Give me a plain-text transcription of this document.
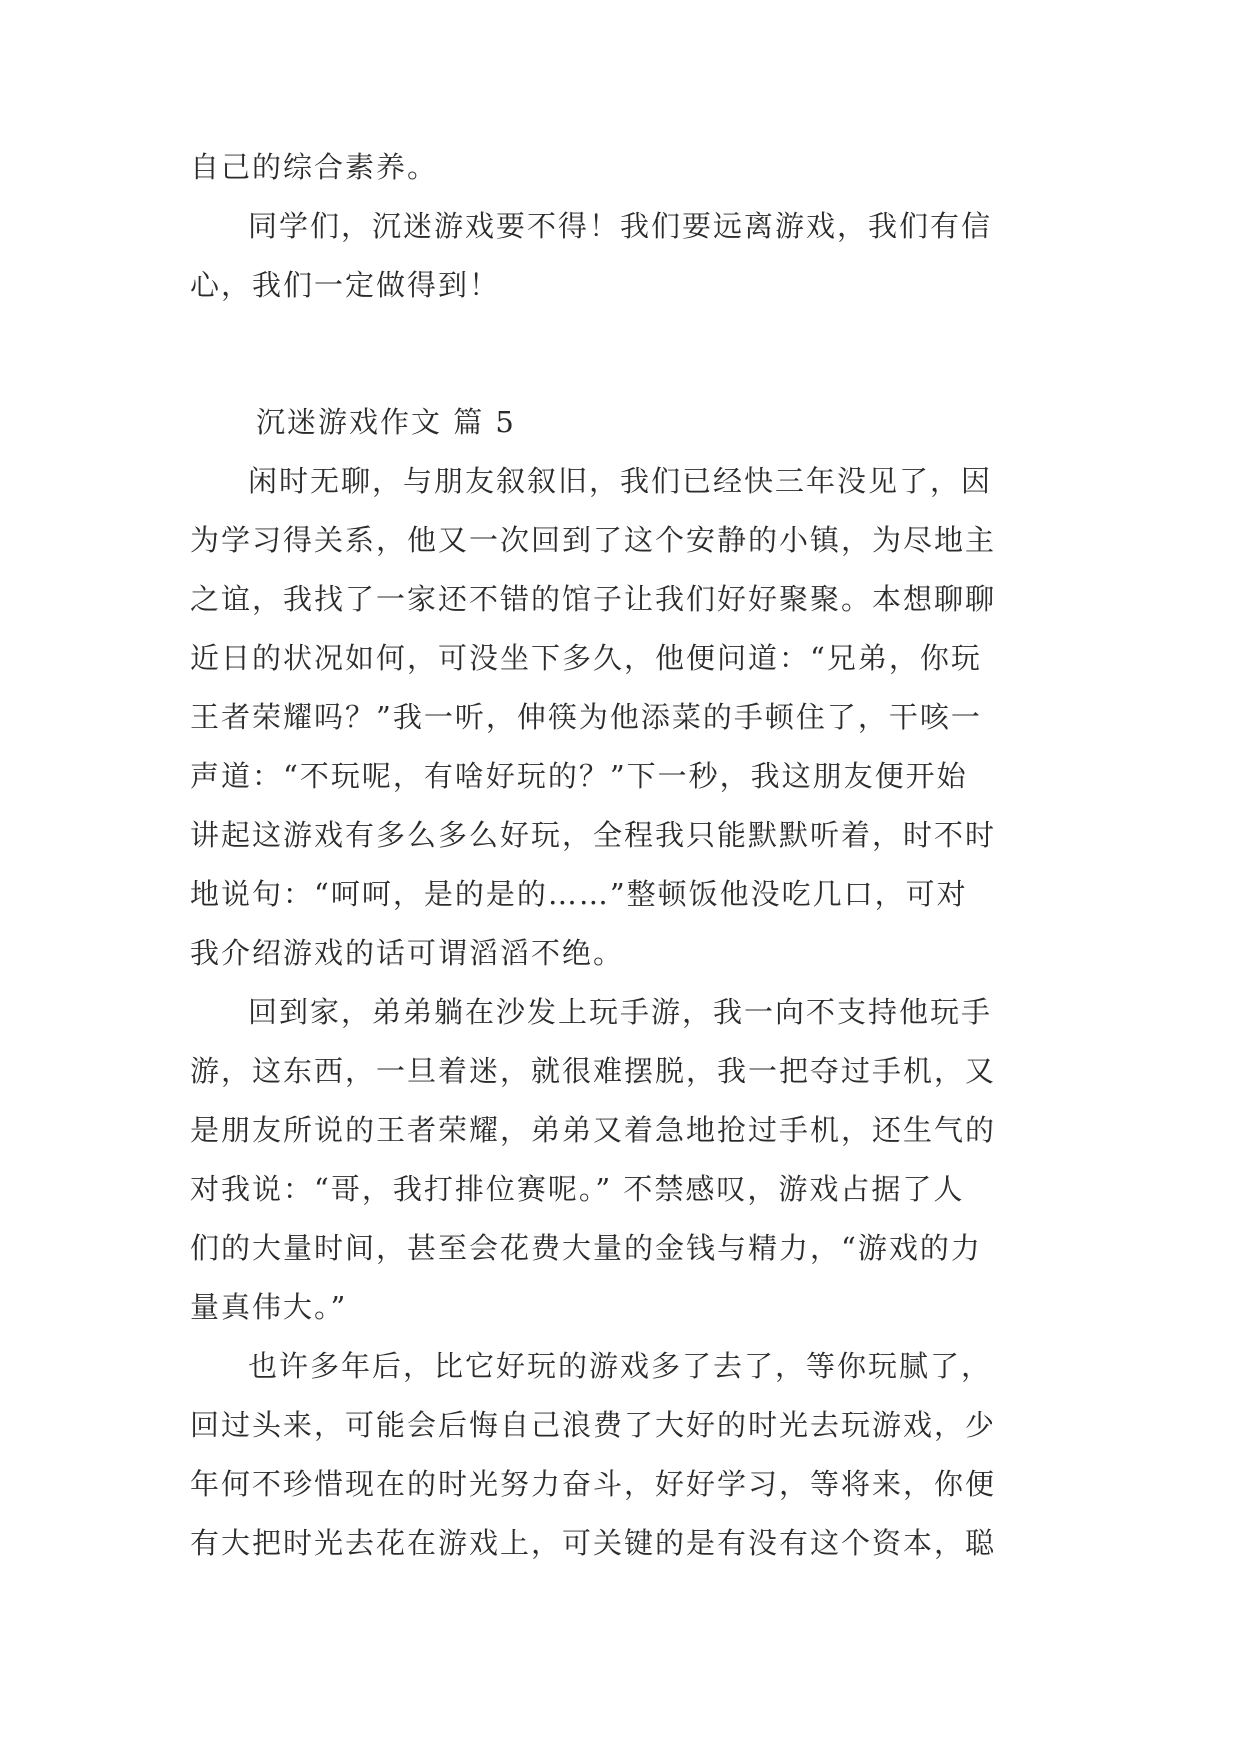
自己的综合素养。

同学们，沉迷游戏要不得！我们要远离游戏，我们有信
心，我们一定做得到！

沉迷游戏作文 篇 5

闲时无聊，与朋友叙叙旧，我们已经快三年没见了，因
为学习得关系，他又一次回到了这个安静的小镇，为尽地主
之谊，我找了一家还不错的馆子让我们好好聚聚。本想聊聊
近日的状况如何，可没坐下多久，他便问道：“兄弟，你玩
王者荣耀吗？”我一听，伸筷为他添菜的手顿住了，干咳一
声道：“不玩呢，有啥好玩的？”下一秒，我这朋友便开始
讲起这游戏有多么多么好玩，全程我只能默默听着，时不时
地说句：“呵呵，是的是的……”整顿饭他没吃几口，可对
我介绍游戏的话可谓滔滔不绝。

回到家，弟弟躺在沙发上玩手游，我一向不支持他玩手
游，这东西，一旦着迷，就很难摆脱，我一把夺过手机，又
是朋友所说的王者荣耀，弟弟又着急地抢过手机，还生气的
对我说：“哥，我打排位赛呢。” 不禁感叹，游戏占据了人
们的大量时间，甚至会花费大量的金钱与精力，“游戏的力
量真伟大。”

也许多年后，比它好玩的游戏多了去了，等你玩腻了，
回过头来，可能会后悔自己浪费了大好的时光去玩游戏，少
年何不珍惜现在的时光努力奋斗，好好学习，等将来，你便
有大把时光去花在游戏上，可关键的是有没有这个资本，聪
